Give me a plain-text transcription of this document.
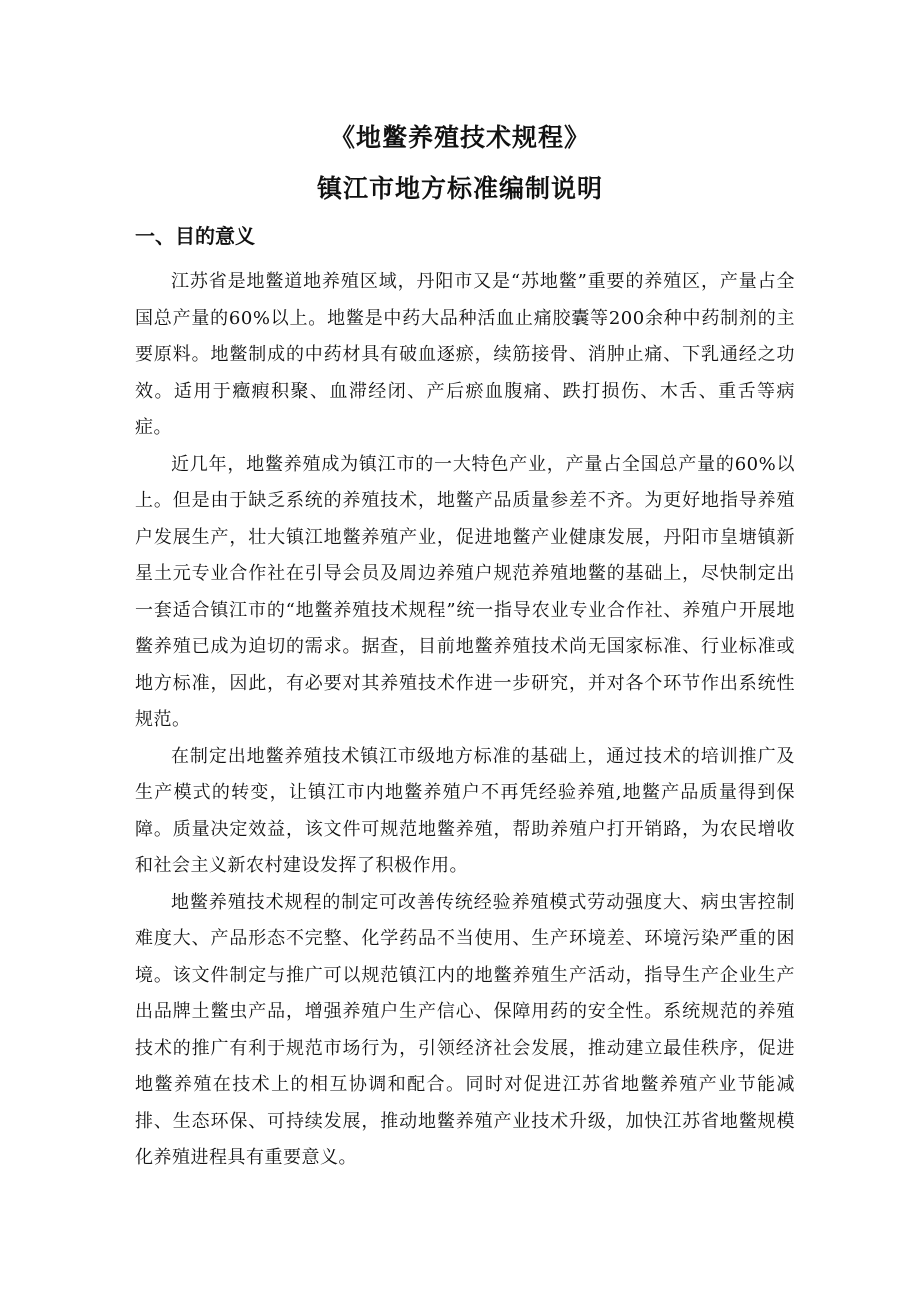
《地鳖养殖技术规程》
镇江市地方标准编制说明
一、目的意义

江苏省是地鳖道地养殖区域，丹阳市又是“苏地鳖”重要的养殖区，产量占全国总产量的60%以上。地鳖是中药大品种活血止痛胶囊等200余种中药制剂的主要原料。地鳖制成的中药材具有破血逐瘀，续筋接骨、消肿止痛、下乳通经之功效。适用于癥瘕积聚、血滞经闭、产后瘀血腹痛、跌打损伤、木舌、重舌等病症。

近几年，地鳖养殖成为镇江市的一大特色产业，产量占全国总产量的60%以上。但是由于缺乏系统的养殖技术，地鳖产品质量参差不齐。为更好地指导养殖户发展生产，壮大镇江地鳖养殖产业，促进地鳖产业健康发展，丹阳市皇塘镇新星土元专业合作社在引导会员及周边养殖户规范养殖地鳖的基础上，尽快制定出一套适合镇江市的“地鳖养殖技术规程”统一指导农业专业合作社、养殖户开展地鳖养殖已成为迫切的需求。据查，目前地鳖养殖技术尚无国家标准、行业标准或地方标准，因此，有必要对其养殖技术作进一步研究，并对各个环节作出系统性规范。

在制定出地鳖养殖技术镇江市级地方标准的基础上，通过技术的培训推广及生产模式的转变，让镇江市内地鳖养殖户不再凭经验养殖,地鳖产品质量得到保障。质量决定效益，该文件可规范地鳖养殖，帮助养殖户打开销路，为农民增收和社会主义新农村建设发挥了积极作用。

地鳖养殖技术规程的制定可改善传统经验养殖模式劳动强度大、病虫害控制难度大、产品形态不完整、化学药品不当使用、生产环境差、环境污染严重的困境。该文件制定与推广可以规范镇江内的地鳖养殖生产活动，指导生产企业生产出品牌土鳖虫产品，增强养殖户生产信心、保障用药的安全性。系统规范的养殖技术的推广有利于规范市场行为，引领经济社会发展，推动建立最佳秩序，促进地鳖养殖在技术上的相互协调和配合。同时对促进江苏省地鳖养殖产业节能减排、生态环保、可持续发展，推动地鳖养殖产业技术升级，加快江苏省地鳖规模化养殖进程具有重要意义。
